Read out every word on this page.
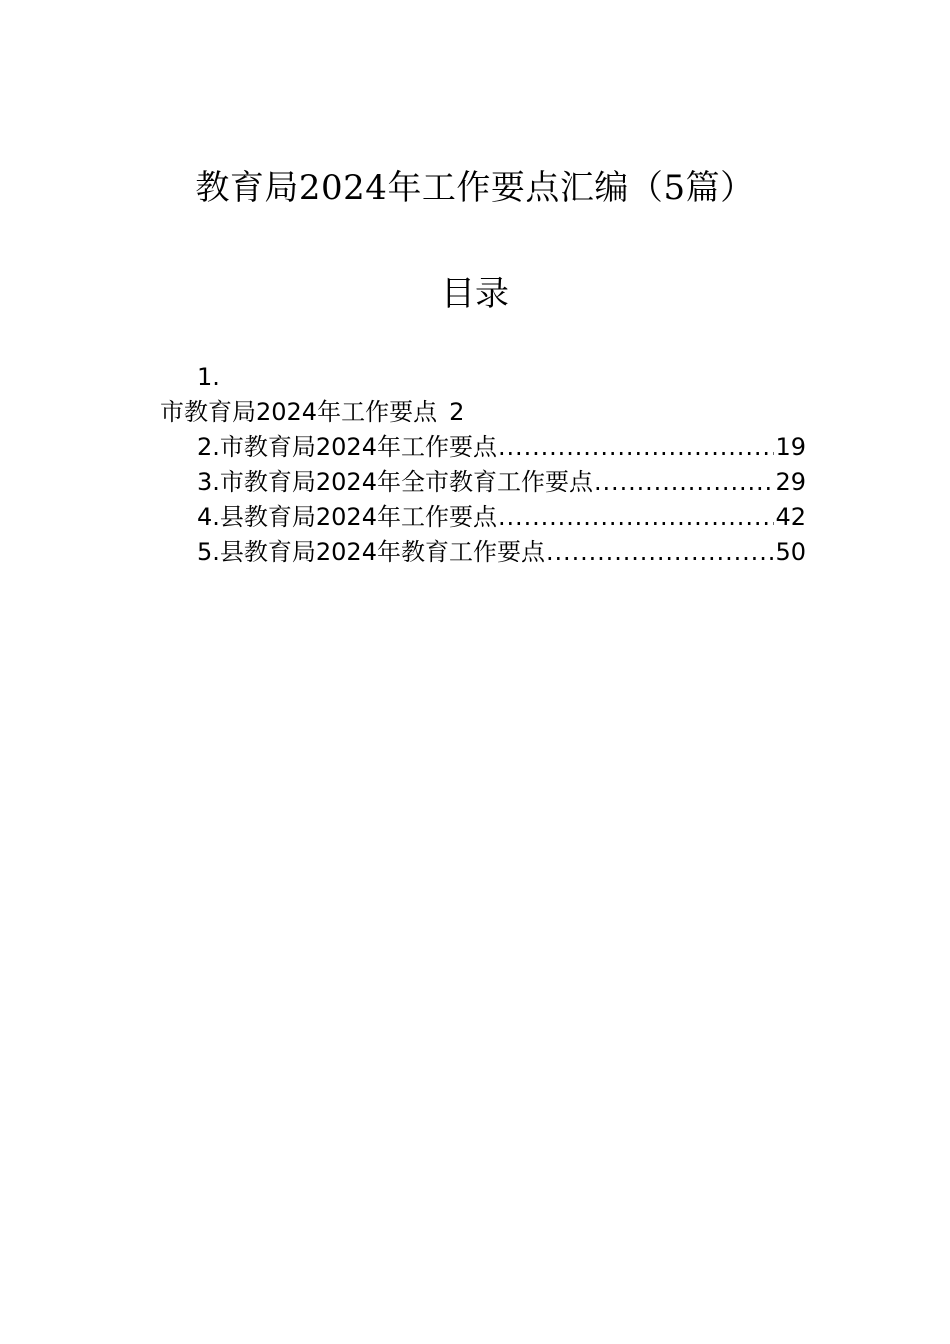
教育局2024年工作要点汇编（5篇）
目录
1.
市教育局2024年工作要点 2
2.市教育局2024年工作要点 .....	19
3.市教育局2024年全市教育工作要点 .....	29
4.县教育局2024年工作要点 .....	42
5.县教育局2024年教育工作要点 .....	50
